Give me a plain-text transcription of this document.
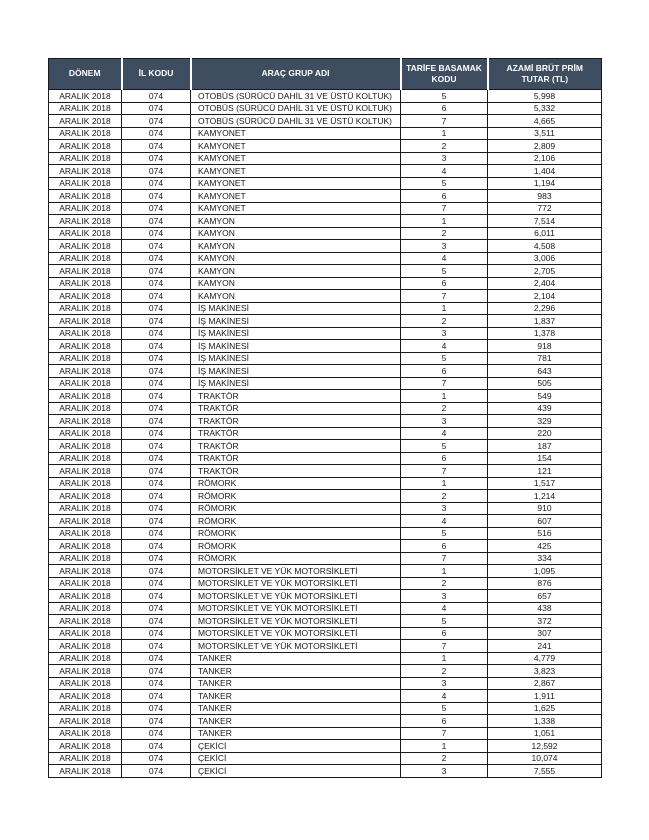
DÖNEM	İL KODU	ARAÇ GRUP ADI	TARİFE BASAMAK KODU	AZAMİ BRÜT PRİM TUTAR (TL)
ARALIK 2018	074	OTOBÜS (SÜRÜCÜ DAHİL 31 VE ÜSTÜ KOLTUK)	5	5,998
ARALIK 2018	074	OTOBÜS (SÜRÜCÜ DAHİL 31 VE ÜSTÜ KOLTUK)	6	5,332
ARALIK 2018	074	OTOBÜS (SÜRÜCÜ DAHİL 31 VE ÜSTÜ KOLTUK)	7	4,665
ARALIK 2018	074	KAMYONET	1	3,511
ARALIK 2018	074	KAMYONET	2	2,809
ARALIK 2018	074	KAMYONET	3	2,106
ARALIK 2018	074	KAMYONET	4	1,404
ARALIK 2018	074	KAMYONET	5	1,194
ARALIK 2018	074	KAMYONET	6	983
ARALIK 2018	074	KAMYONET	7	772
ARALIK 2018	074	KAMYON	1	7,514
ARALIK 2018	074	KAMYON	2	6,011
ARALIK 2018	074	KAMYON	3	4,508
ARALIK 2018	074	KAMYON	4	3,006
ARALIK 2018	074	KAMYON	5	2,705
ARALIK 2018	074	KAMYON	6	2,404
ARALIK 2018	074	KAMYON	7	2,104
ARALIK 2018	074	İŞ MAKİNESİ	1	2,296
ARALIK 2018	074	İŞ MAKİNESİ	2	1,837
ARALIK 2018	074	İŞ MAKİNESİ	3	1,378
ARALIK 2018	074	İŞ MAKİNESİ	4	918
ARALIK 2018	074	İŞ MAKİNESİ	5	781
ARALIK 2018	074	İŞ MAKİNESİ	6	643
ARALIK 2018	074	İŞ MAKİNESİ	7	505
ARALIK 2018	074	TRAKTÖR	1	549
ARALIK 2018	074	TRAKTÖR	2	439
ARALIK 2018	074	TRAKTÖR	3	329
ARALIK 2018	074	TRAKTÖR	4	220
ARALIK 2018	074	TRAKTÖR	5	187
ARALIK 2018	074	TRAKTÖR	6	154
ARALIK 2018	074	TRAKTÖR	7	121
ARALIK 2018	074	RÖMORK	1	1,517
ARALIK 2018	074	RÖMORK	2	1,214
ARALIK 2018	074	RÖMORK	3	910
ARALIK 2018	074	RÖMORK	4	607
ARALIK 2018	074	RÖMORK	5	516
ARALIK 2018	074	RÖMORK	6	425
ARALIK 2018	074	RÖMORK	7	334
ARALIK 2018	074	MOTORSİKLET VE YÜK MOTORSİKLETİ	1	1,095
ARALIK 2018	074	MOTORSİKLET VE YÜK MOTORSİKLETİ	2	876
ARALIK 2018	074	MOTORSİKLET VE YÜK MOTORSİKLETİ	3	657
ARALIK 2018	074	MOTORSİKLET VE YÜK MOTORSİKLETİ	4	438
ARALIK 2018	074	MOTORSİKLET VE YÜK MOTORSİKLETİ	5	372
ARALIK 2018	074	MOTORSİKLET VE YÜK MOTORSİKLETİ	6	307
ARALIK 2018	074	MOTORSİKLET VE YÜK MOTORSİKLETİ	7	241
ARALIK 2018	074	TANKER	1	4,779
ARALIK 2018	074	TANKER	2	3,823
ARALIK 2018	074	TANKER	3	2,867
ARALIK 2018	074	TANKER	4	1,911
ARALIK 2018	074	TANKER	5	1,625
ARALIK 2018	074	TANKER	6	1,338
ARALIK 2018	074	TANKER	7	1,051
ARALIK 2018	074	ÇEKİCİ	1	12,592
ARALIK 2018	074	ÇEKİCİ	2	10,074
ARALIK 2018	074	ÇEKİCİ	3	7,555
